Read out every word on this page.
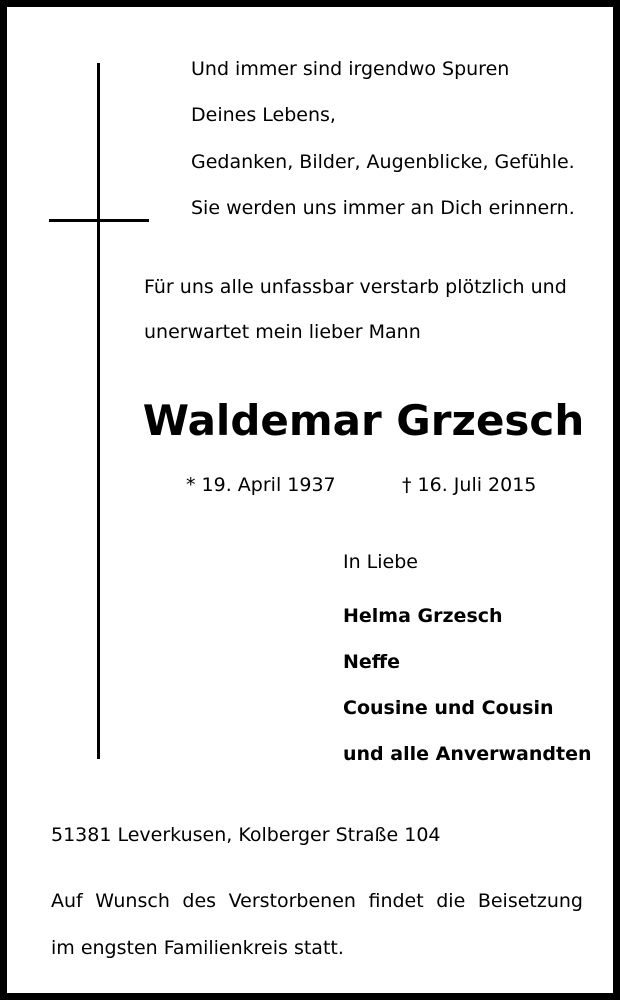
Und immer sind irgendwo Spuren
Deines Lebens,
Gedanken, Bilder, Augenblicke, Gefühle.
Sie werden uns immer an Dich erinnern.
Für uns alle unfassbar verstarb plötzlich und
unerwartet mein lieber Mann
Waldemar Grzesch
* 19. April 1937	† 16. Juli 2015
In Liebe
Helma Grzesch
Neffe
Cousine und Cousin
und alle Anverwandten
51381 Leverkusen, Kolberger Straße 104
Auf Wunsch des Verstorbenen findet die Beisetzung
im engsten Familienkreis statt.
